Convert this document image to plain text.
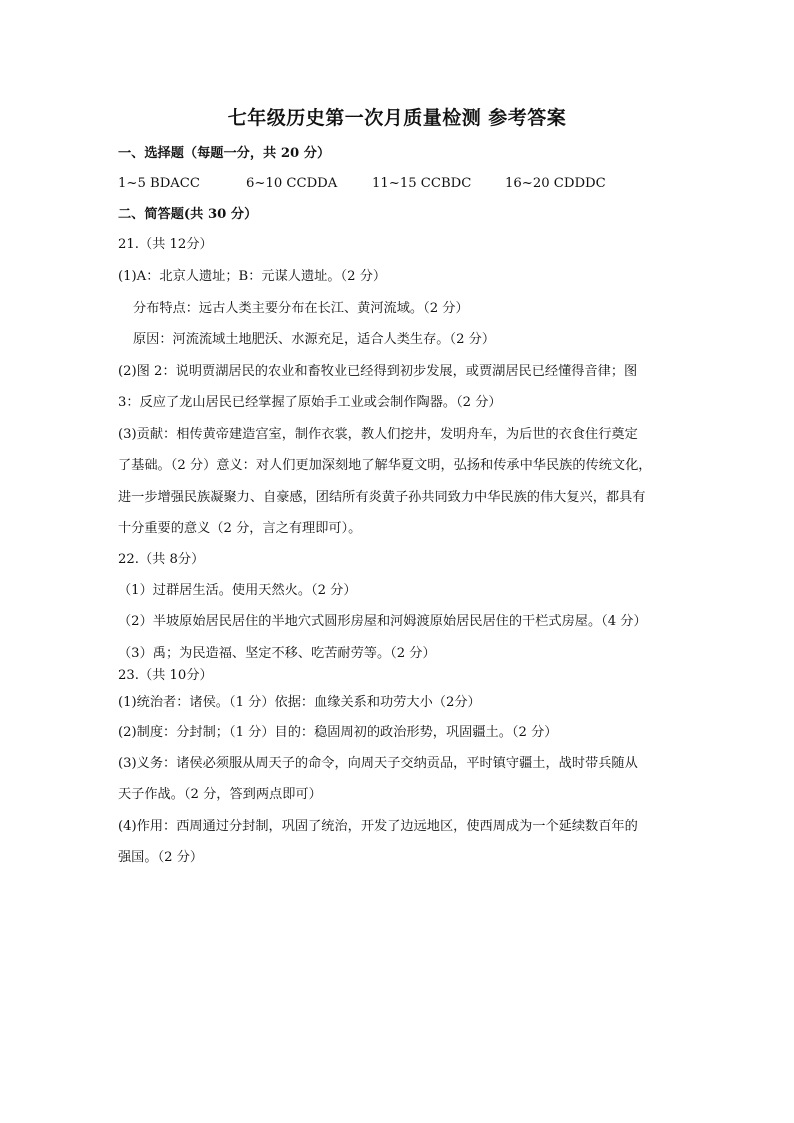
七年级历史第一次月质量检测 参考答案
一、选择题（每题一分，共 20 分）
1~5 BDACC	6~10 CCDDA	11~15 CCBDC	16~20 CDDDC
二、简答题(共 30 分）
21.（共 12分）
(1)A：北京人遗址；B：元谋人遗址。（2 分）
分布特点：远古人类主要分布在长江、黄河流域。（2 分）
原因：河流流域土地肥沃、水源充足，适合人类生存。（2 分）
(2)图 2：说明贾湖居民的农业和畜牧业已经得到初步发展，或贾湖居民已经懂得音律；图
3：反应了龙山居民已经掌握了原始手工业或会制作陶器。（2 分）
(3)贡献：相传黄帝建造宫室，制作衣裳，教人们挖井，发明舟车，为后世的衣食住行奠定
了基础。（2 分）意义：对人们更加深刻地了解华夏文明，弘扬和传承中华民族的传统文化，
进一步增强民族凝聚力、自豪感，团结所有炎黄子孙共同致力中华民族的伟大复兴，都具有
十分重要的意义（2 分，言之有理即可）。
22.（共 8分）
（1）过群居生活。使用天然火。（2 分）
（2）半坡原始居民居住的半地穴式圆形房屋和河姆渡原始居民居住的干栏式房屋。（4 分）
（3）禹；为民造福、坚定不移、吃苦耐劳等。（2 分）
23.（共 10分）
(1)统治者：诸侯。（1 分）依据：血缘关系和功劳大小（2分）
(2)制度：分封制；（1 分）目的：稳固周初的政治形势，巩固疆土。（2 分）
(3)义务：诸侯必须服从周天子的命令，向周天子交纳贡品，平时镇守疆土，战时带兵随从
天子作战。（2 分，答到两点即可）
(4)作用：西周通过分封制，巩固了统治，开发了边远地区，使西周成为一个延续数百年的
强国。（2 分）
